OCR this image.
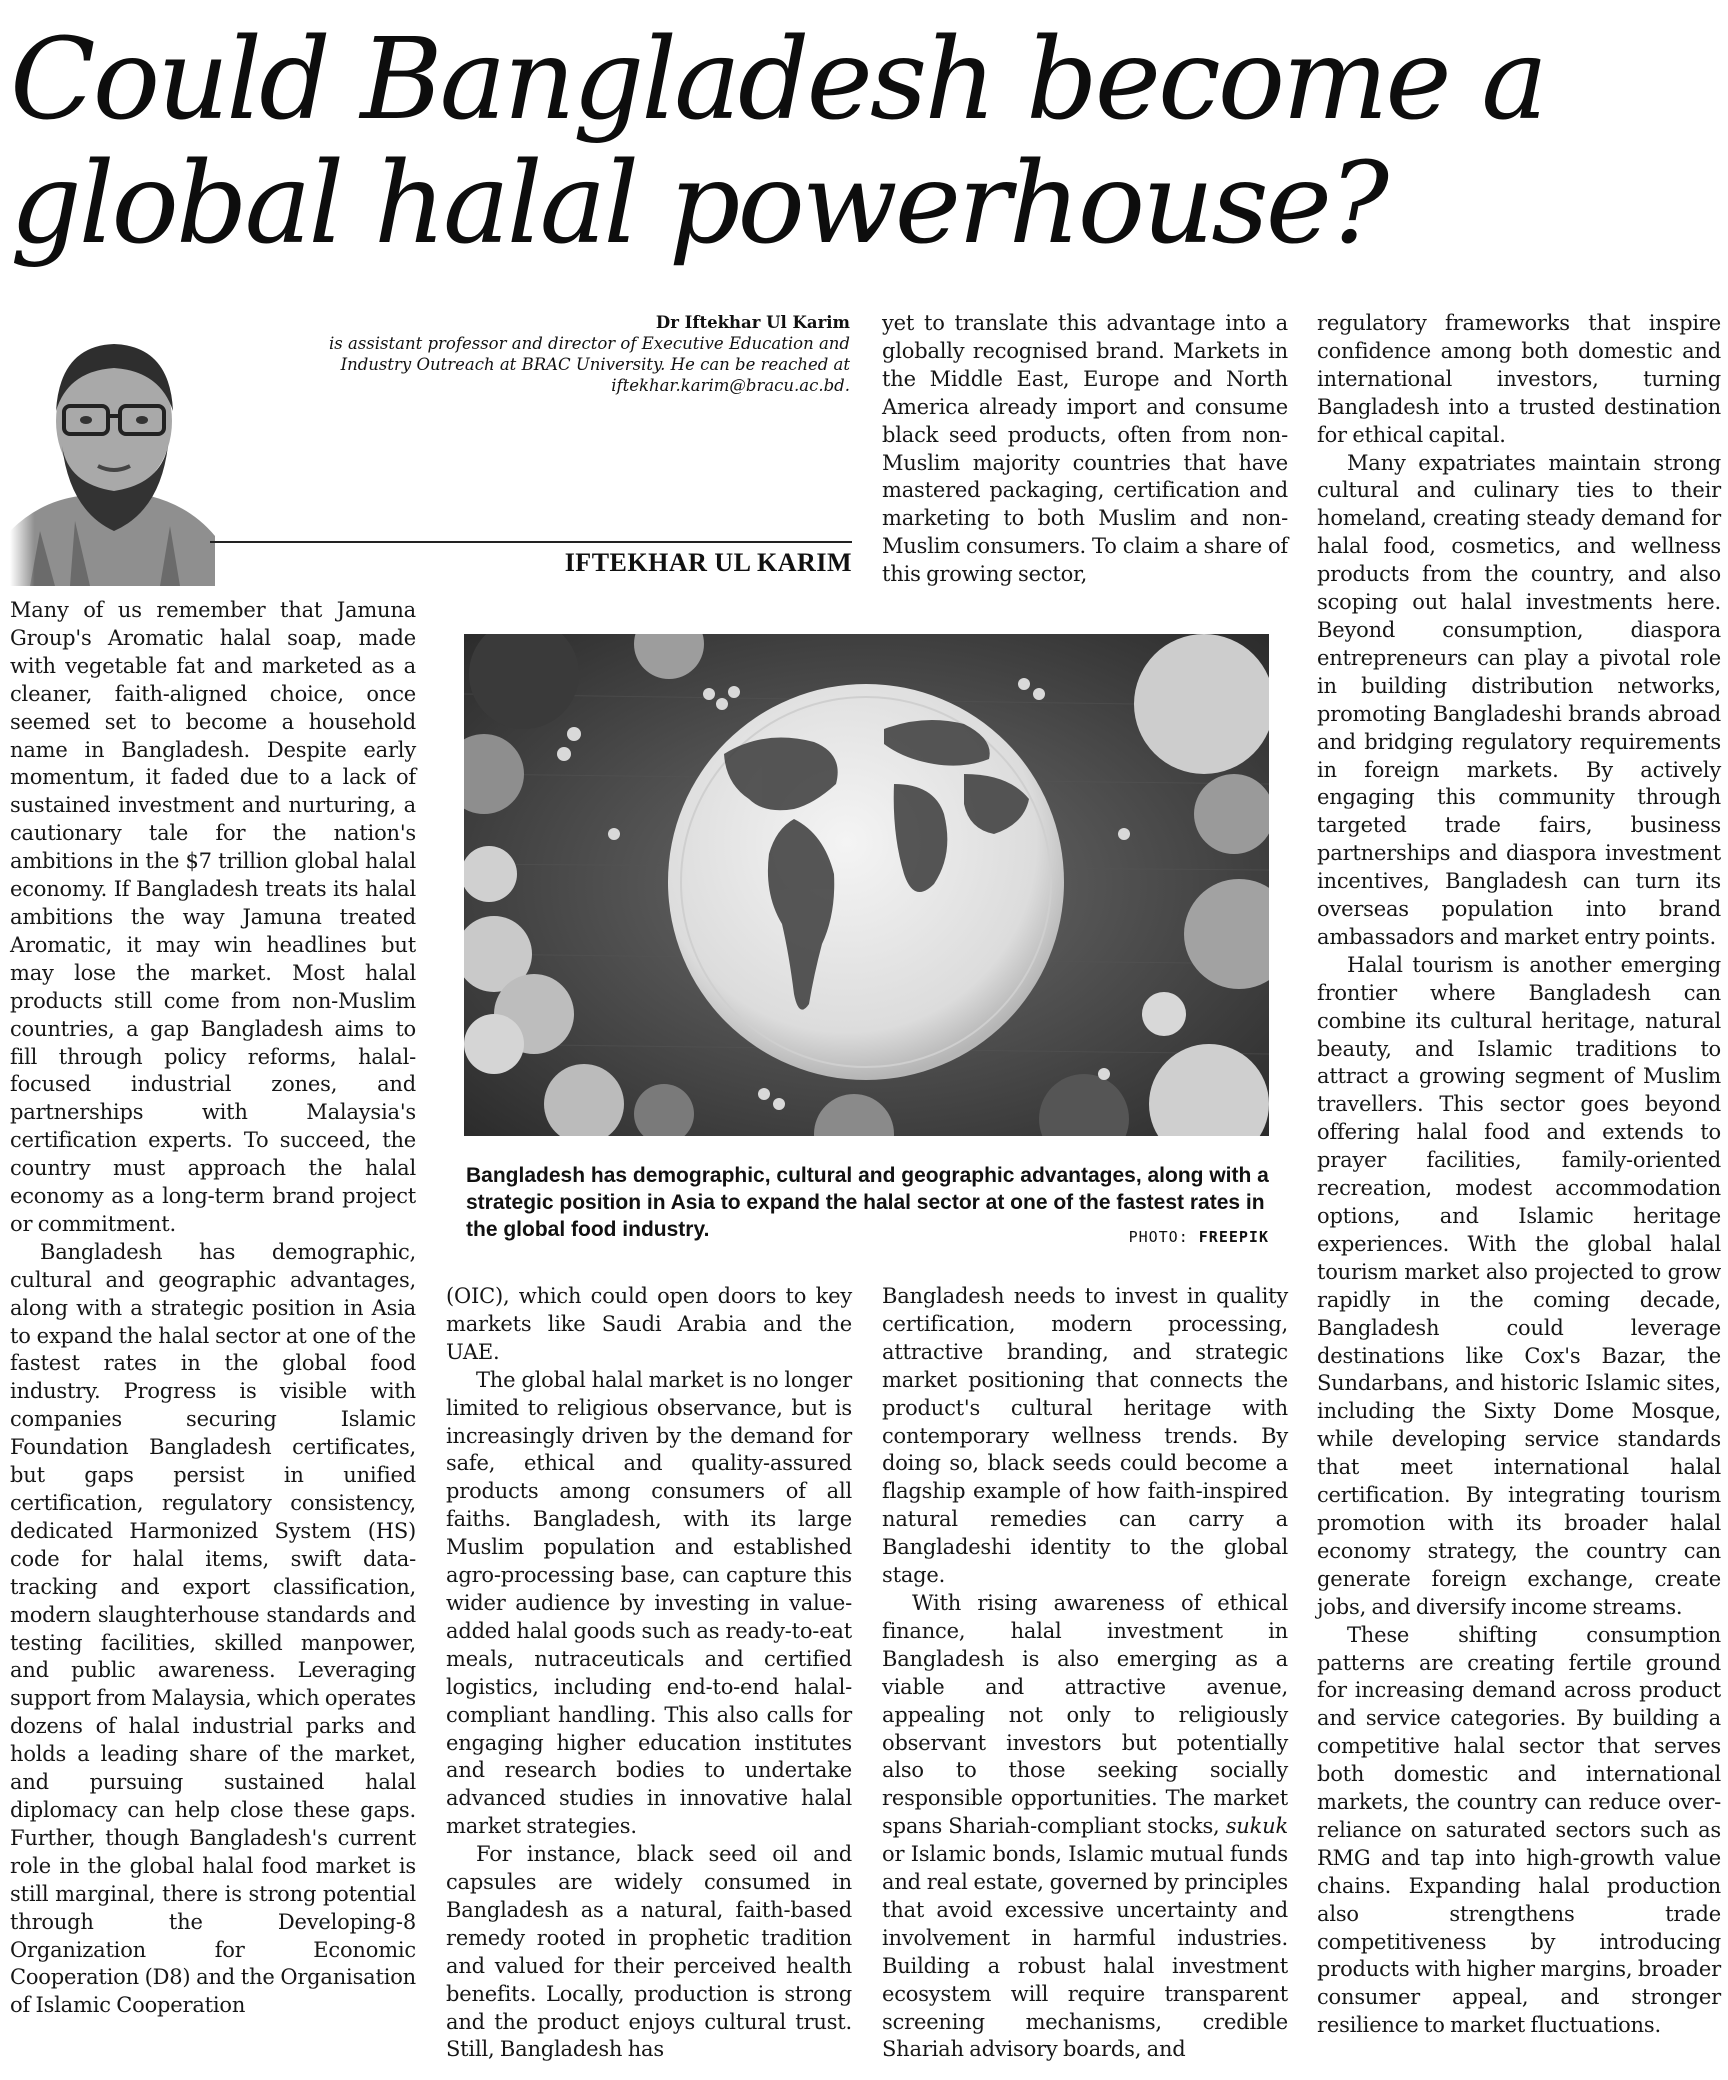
Could Bangladesh become a global halal powerhouse?
Dr Iftekhar Ul Karim
is assistant professor and director of Executive Education and Industry Outreach at BRAC University. He can be reached at iftekhar.karim@bracu.ac.bd.
IFTEKHAR UL KARIM

Many of us remember that Jamuna Group's Aromatic halal soap, made with vegetable fat and marketed as a cleaner, faith-aligned choice, once seemed set to become a household name in Bangladesh. Despite early momentum, it faded due to a lack of sustained investment and nurturing, a cautionary tale for the nation's ambitions in the $7 trillion global halal economy. If Bangladesh treats its halal ambitions the way Jamuna treated Aromatic, it may win headlines but may lose the market. Most halal products still come from non-Muslim countries, a gap Bangladesh aims to fill through policy reforms, halal-focused industrial zones, and partnerships with Malaysia's certification experts. To succeed, the country must approach the halal economy as a long-term brand project or commitment.

Bangladesh has demographic, cultural and geographic advantages, along with a strategic position in Asia to expand the halal sector at one of the fastest rates in the global food industry. Progress is visible with companies securing Islamic Foundation Bangladesh certificates, but gaps persist in unified certification, regulatory consistency, dedicated Harmonized System (HS) code for halal items, swift data-tracking and export classification, modern slaughterhouse standards and testing facilities, skilled manpower, and public awareness. Leveraging support from Malaysia, which operates dozens of halal industrial parks and holds a leading share of the market, and pursuing sustained halal diplomacy can help close these gaps. Further, though Bangladesh's current role in the global halal food market is still marginal, there is strong potential through the Developing-8 Organization for Economic Cooperation (D8) and the Organisation of Islamic Cooperation

(OIC), which could open doors to key markets like Saudi Arabia and the UAE.

The global halal market is no longer limited to religious observance, but is increasingly driven by the demand for safe, ethical and quality-assured products among consumers of all faiths. Bangladesh, with its large Muslim population and established agro-processing base, can capture this wider audience by investing in value-added halal goods such as ready-to-eat meals, nutraceuticals and certified logistics, including end-to-end halal-compliant handling. This also calls for engaging higher education institutes and research bodies to undertake advanced studies in innovative halal market strategies.

For instance, black seed oil and capsules are widely consumed in Bangladesh as a natural, faith-based remedy rooted in prophetic tradition and valued for their perceived health benefits. Locally, production is strong and the product enjoys cultural trust. Still, Bangladesh has

yet to translate this advantage into a globally recognised brand. Markets in the Middle East, Europe and North America already import and consume black seed products, often from non-Muslim majority countries that have mastered packaging, certification and marketing to both Muslim and non-Muslim consumers. To claim a share of this growing sector,

Bangladesh needs to invest in quality certification, modern processing, attractive branding, and strategic market positioning that connects the product's cultural heritage with contemporary wellness trends. By doing so, black seeds could become a flagship example of how faith-inspired natural remedies can carry a Bangladeshi identity to the global stage.

With rising awareness of ethical finance, halal investment in Bangladesh is also emerging as a viable and attractive avenue, appealing not only to religiously observant investors but potentially also to those seeking socially responsible opportunities. The market spans Shariah-compliant stocks, sukuk or Islamic bonds, Islamic mutual funds and real estate, governed by principles that avoid excessive uncertainty and involvement in harmful industries. Building a robust halal investment ecosystem will require transparent screening mechanisms, credible Shariah advisory boards, and

regulatory frameworks that inspire confidence among both domestic and international investors, turning Bangladesh into a trusted destination for ethical capital.

Many expatriates maintain strong cultural and culinary ties to their homeland, creating steady demand for halal food, cosmetics, and wellness products from the country, and also scoping out halal investments here. Beyond consumption, diaspora entrepreneurs can play a pivotal role in building distribution networks, promoting Bangladeshi brands abroad and bridging regulatory requirements in foreign markets. By actively engaging this community through targeted trade fairs, business partnerships and diaspora investment incentives, Bangladesh can turn its overseas population into brand ambassadors and market entry points.

Halal tourism is another emerging frontier where Bangladesh can combine its cultural heritage, natural beauty, and Islamic traditions to attract a growing segment of Muslim travellers. This sector goes beyond offering halal food and extends to prayer facilities, family-oriented recreation, modest accommodation options, and Islamic heritage experiences. With the global halal tourism market also projected to grow rapidly in the coming decade, Bangladesh could leverage destinations like Cox's Bazar, the Sundarbans, and historic Islamic sites, including the Sixty Dome Mosque, while developing service standards that meet international halal certification. By integrating tourism promotion with its broader halal economy strategy, the country can generate foreign exchange, create jobs, and diversify income streams.

These shifting consumption patterns are creating fertile ground for increasing demand across product and service categories. By building a competitive halal sector that serves both domestic and international markets, the country can reduce over-reliance on saturated sectors such as RMG and tap into high-growth value chains. Expanding halal production also strengthens trade competitiveness by introducing products with higher margins, broader consumer appeal, and stronger resilience to market fluctuations.

Bangladesh has demographic, cultural and geographic advantages, along with a strategic position in Asia to expand the halal sector at one of the fastest rates in the global food industry.	PHOTO: FREEPIK
